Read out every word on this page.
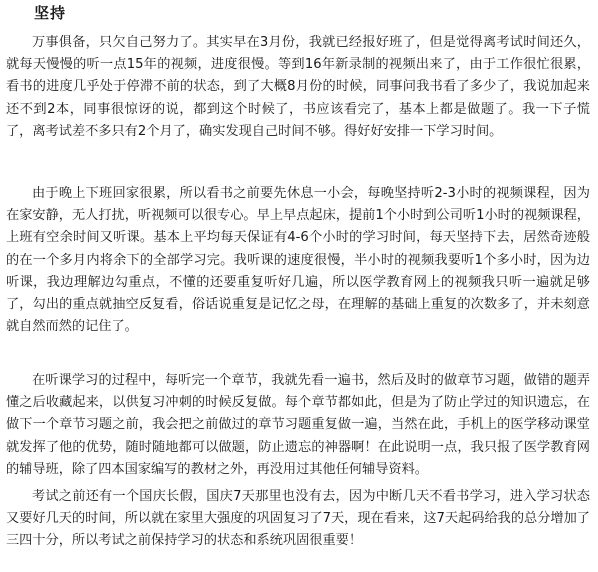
坚持

万事俱备，只欠自己努力了。其实早在3月份，我就已经报好班了，但是觉得离考试时间还久，就每天慢慢的听一点15年的视频，进度很慢。等到16年新录制的视频出来了，由于工作很忙很累，看书的进度几乎处于停滞不前的状态，到了大概8月份的时候，同事问我书看了多少了，我说加起来还不到2本，同事很惊讶的说，都到这个时候了，书应该看完了，基本上都是做题了。我一下子慌了，离考试差不多只有2个月了，确实发现自己时间不够。得好好安排一下学习时间。

由于晚上下班回家很累，所以看书之前要先休息一小会，每晚坚持听2-3小时的视频课程，因为在家安静，无人打扰，听视频可以很专心。早上早点起床，提前1个小时到公司听1小时的视频课程，上班有空余时间又听课。基本上平均每天保证有4-6个小时的学习时间，每天坚持下去，居然奇迹般的在一个多月内将余下的全部学习完。我听课的速度很慢，半小时的视频我要听1个多小时，因为边听课，我边理解边勾重点，不懂的还要重复听好几遍，所以医学教育网上的视频我只听一遍就足够了，勾出的重点就抽空反复看，俗话说重复是记忆之母，在理解的基础上重复的次数多了，并未刻意就自然而然的记住了。

在听课学习的过程中，每听完一个章节，我就先看一遍书，然后及时的做章节习题，做错的题弄懂之后收藏起来，以供复习冲刺的时候反复做。每个章节都如此，但是为了防止学过的知识遗忘，在做下一个章节习题之前，我会把之前做过的章节习题重复做一遍，当然在此，手机上的医学移动课堂就发挥了他的优势，随时随地都可以做题，防止遗忘的神器啊！在此说明一点，我只报了医学教育网的辅导班，除了四本国家编写的教材之外，再没用过其他任何辅导资料。

考试之前还有一个国庆长假，国庆7天那里也没有去，因为中断几天不看书学习，进入学习状态又要好几天的时间，所以就在家里大强度的巩固复习了7天，现在看来，这7天起码给我的总分增加了三四十分，所以考试之前保持学习的状态和系统巩固很重要！
